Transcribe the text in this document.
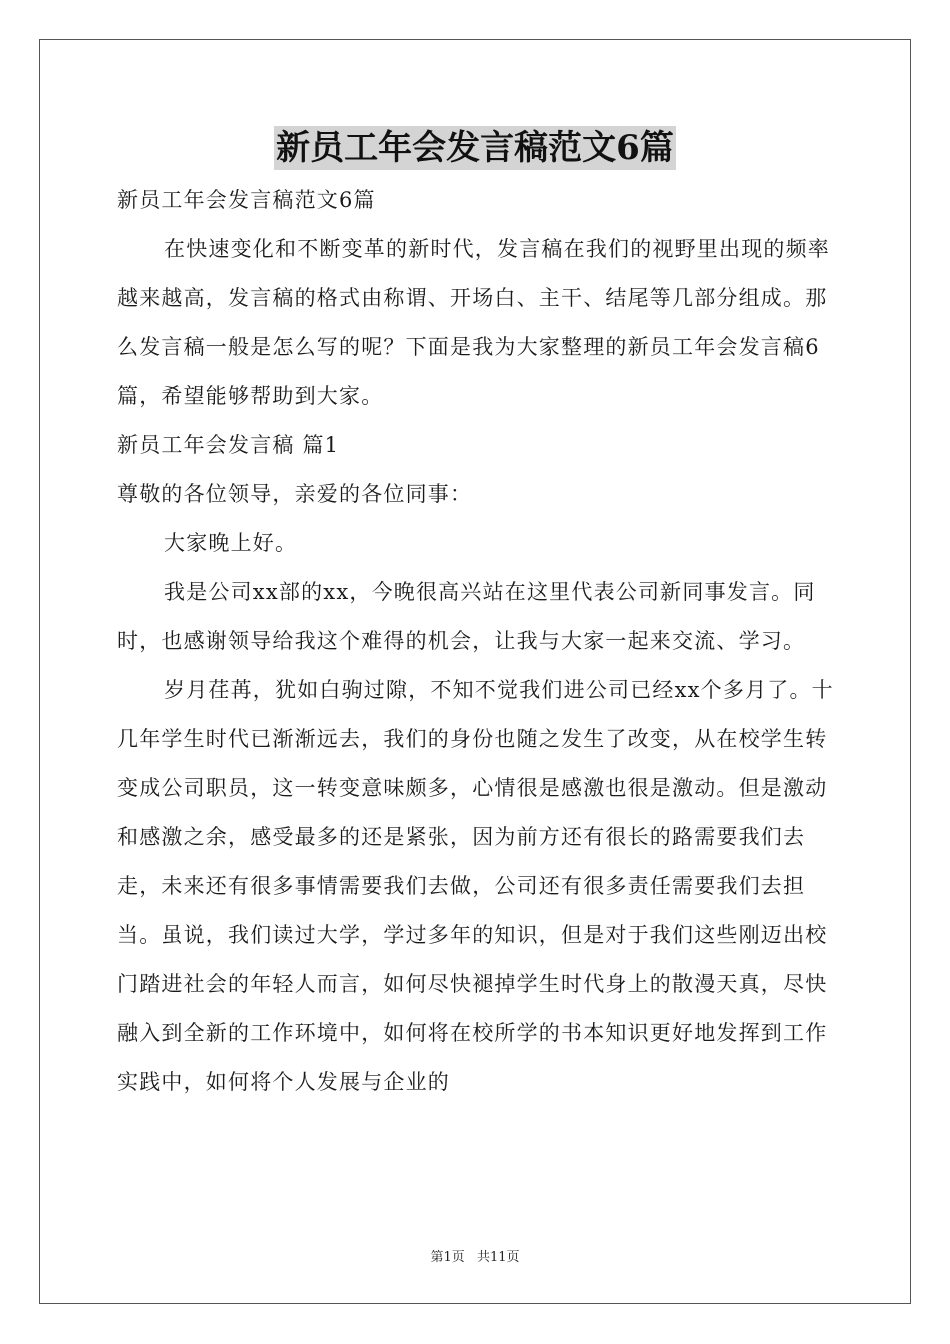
新员工年会发言稿范文6篇

新员工年会发言稿范文6篇

在快速变化和不断变革的新时代，发言稿在我们的视野里出现的频率越来越高，发言稿的格式由称谓、开场白、主干、结尾等几部分组成。那么发言稿一般是怎么写的呢？下面是我为大家整理的新员工年会发言稿6篇，希望能够帮助到大家。

新员工年会发言稿 篇1

尊敬的各位领导，亲爱的各位同事：

大家晚上好。

我是公司xx部的xx，今晚很高兴站在这里代表公司新同事发言。同时，也感谢领导给我这个难得的机会，让我与大家一起来交流、学习。

岁月荏苒，犹如白驹过隙，不知不觉我们进公司已经xx个多月了。十几年学生时代已渐渐远去，我们的身份也随之发生了改变，从在校学生转变成公司职员，这一转变意味颇多，心情很是感激也很是激动。但是激动和感激之余，感受最多的还是紧张，因为前方还有很长的路需要我们去走，未来还有很多事情需要我们去做，公司还有很多责任需要我们去担当。虽说，我们读过大学，学过多年的知识，但是对于我们这些刚迈出校门踏进社会的年轻人而言，如何尽快褪掉学生时代身上的散漫天真，尽快融入到全新的工作环境中，如何将在校所学的书本知识更好地发挥到工作实践中，如何将个人发展与企业的

第1页 共11页
